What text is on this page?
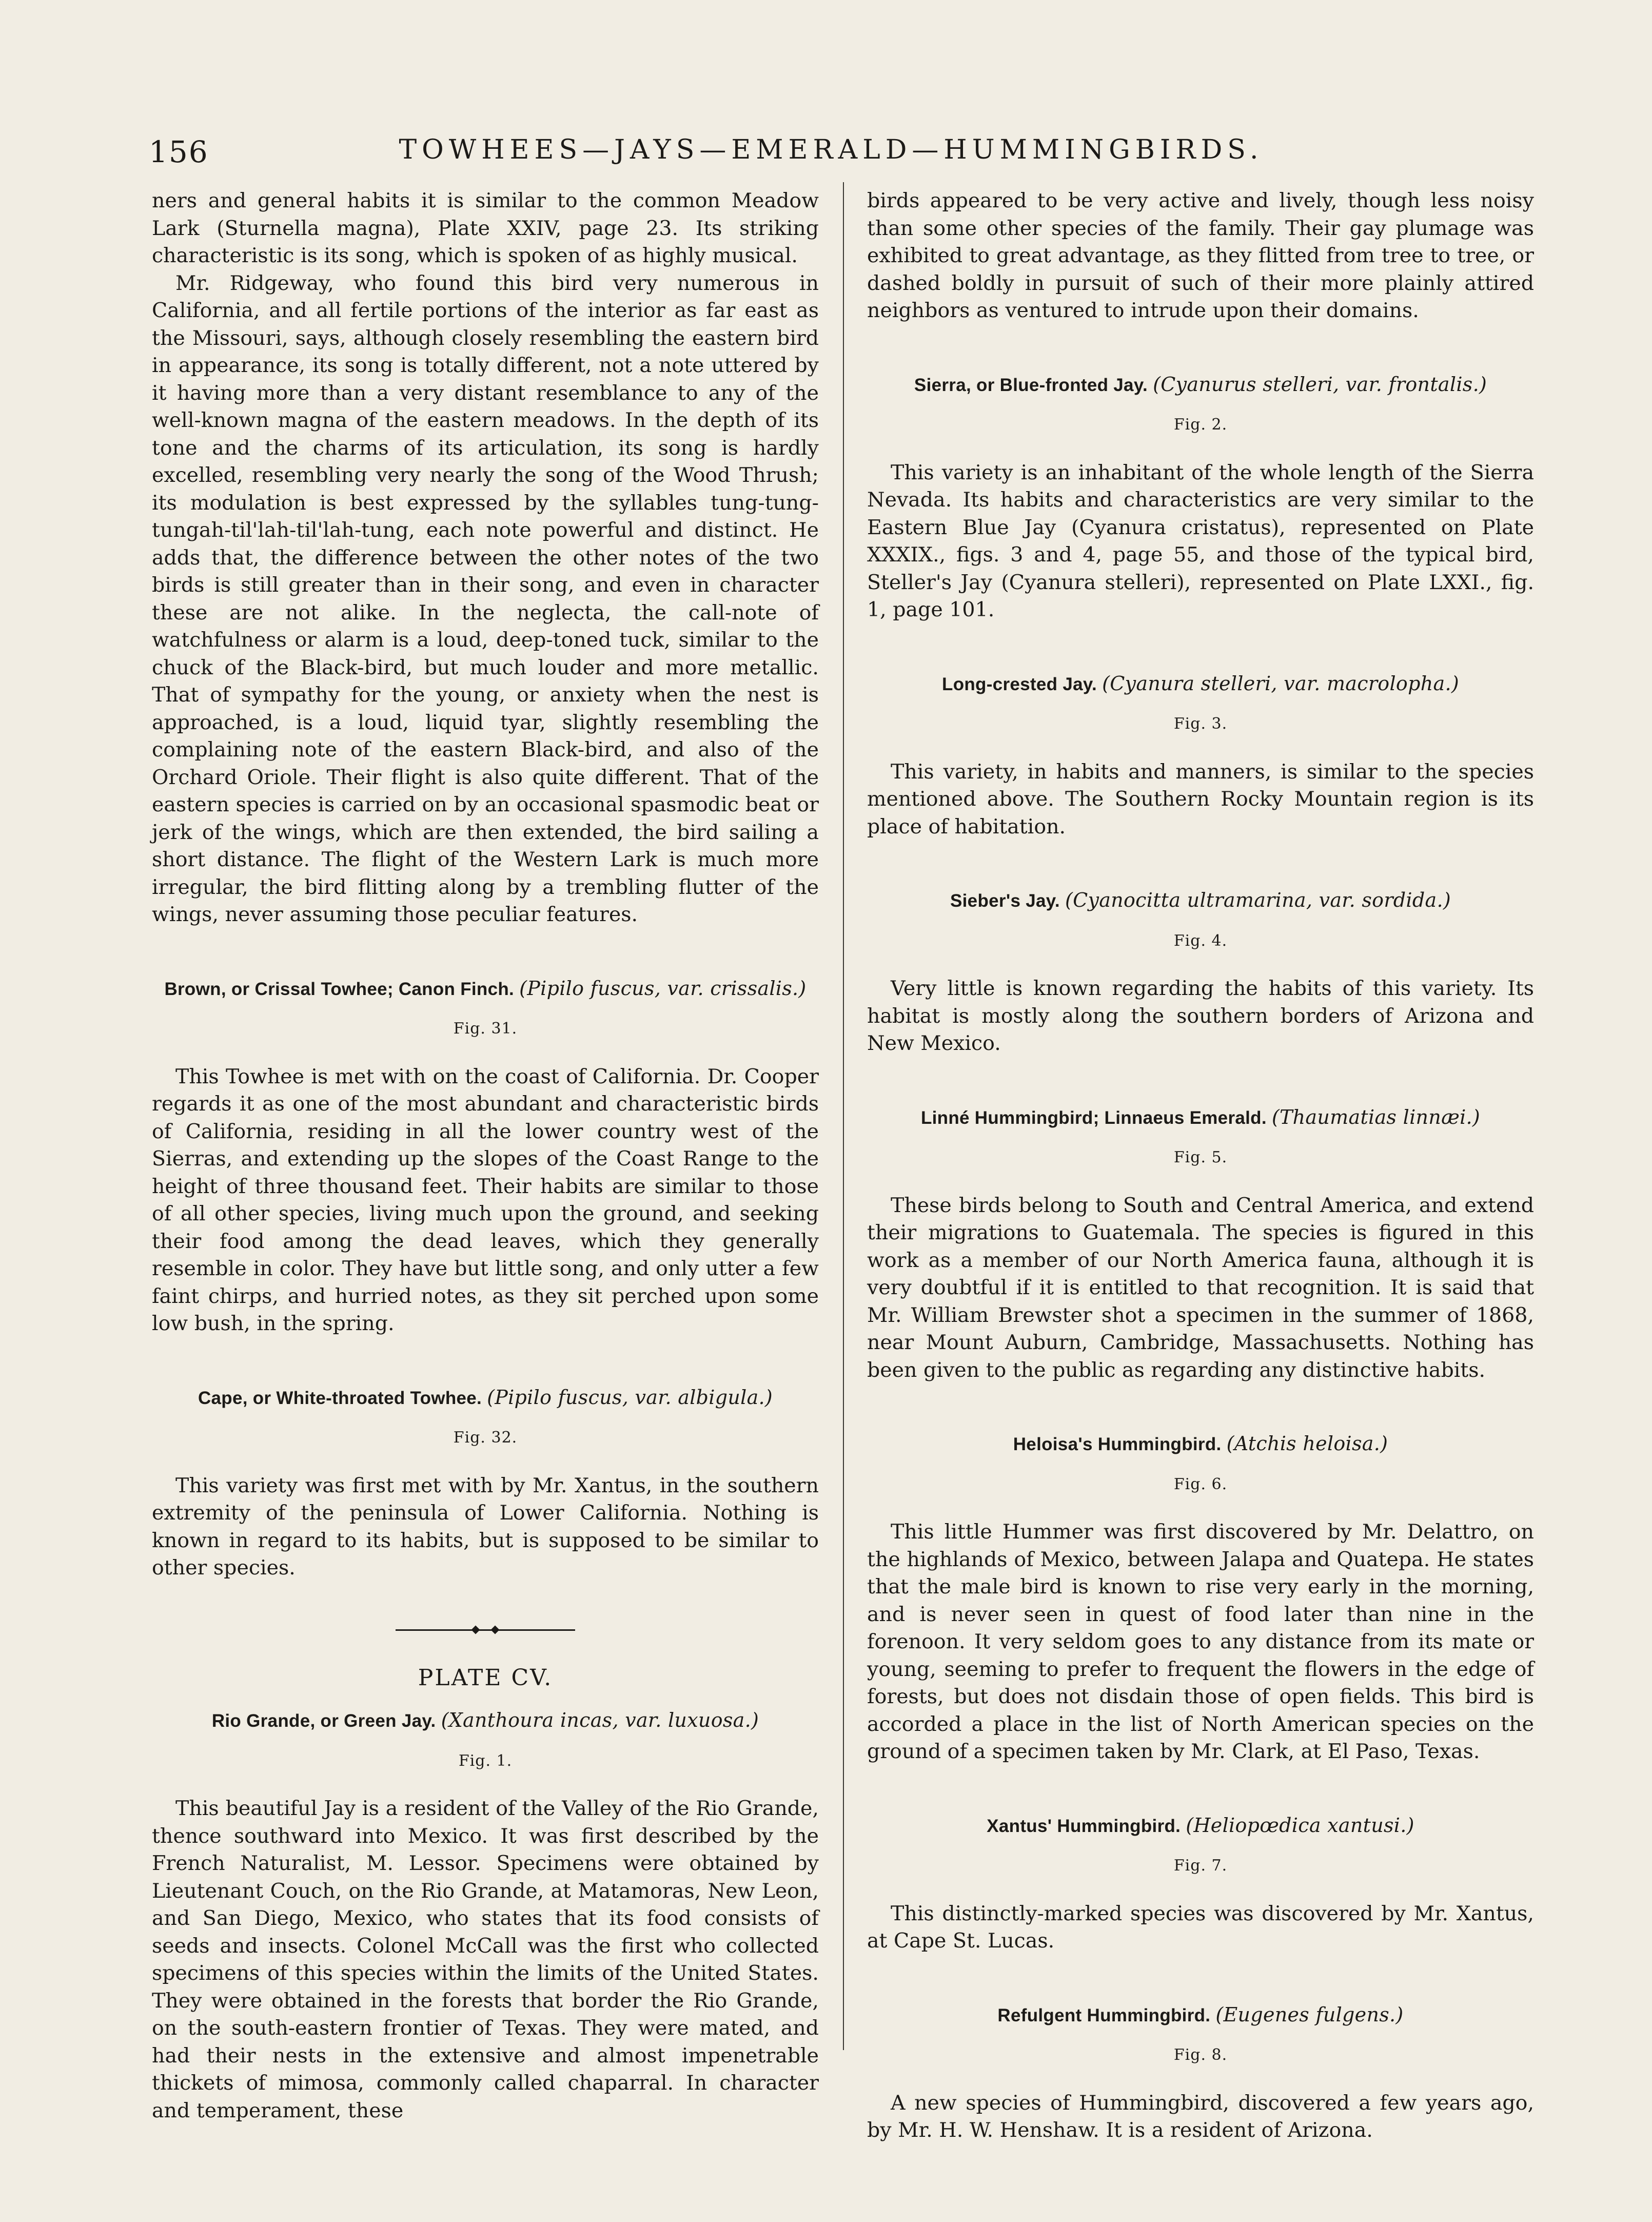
156	TOWHEES—JAYS—EMERALD—HUMMINGBIRDS.

ners and general habits it is similar to the common Meadow Lark (Sturnella magna), Plate XXIV, page 23. Its striking characteristic is its song, which is spoken of as highly musical.

Mr. Ridgeway, who found this bird very numerous in California, and all fertile portions of the interior as far east as the Missouri, says, although closely resembling the eastern bird in appearance, its song is totally different, not a note uttered by it having more than a very distant resemblance to any of the well-known magna of the eastern meadows. In the depth of its tone and the charms of its articulation, its song is hardly excelled, resembling very nearly the song of the Wood Thrush; its modulation is best expressed by the syllables tung-tung-tungah-til'lah-til'lah-tung, each note powerful and distinct. He adds that, the difference between the other notes of the two birds is still greater than in their song, and even in character these are not alike. In the neglecta, the call-note of watchfulness or alarm is a loud, deep-toned tuck, similar to the chuck of the Black-bird, but much louder and more metallic. That of sympathy for the young, or anxiety when the nest is approached, is a loud, liquid tyar, slightly resembling the complaining note of the eastern Black-bird, and also of the Orchard Oriole. Their flight is also quite different. That of the eastern species is carried on by an occasional spasmodic beat or jerk of the wings, which are then extended, the bird sailing a short distance. The flight of the Western Lark is much more irregular, the bird flitting along by a trembling flutter of the wings, never assuming those peculiar features.

Brown, or Crissal Towhee; Canon Finch. (Pipilo fuscus, var. crissalis.)
Fig. 31.

This Towhee is met with on the coast of California. Dr. Cooper regards it as one of the most abundant and characteristic birds of California, residing in all the lower country west of the Sierras, and extending up the slopes of the Coast Range to the height of three thousand feet. Their habits are similar to those of all other species, living much upon the ground, and seeking their food among the dead leaves, which they generally resemble in color. They have but little song, and only utter a few faint chirps, and hurried notes, as they sit perched upon some low bush, in the spring.

Cape, or White-throated Towhee. (Pipilo fuscus, var. albigula.)
Fig. 32.

This variety was first met with by Mr. Xantus, in the southern extremity of the peninsula of Lower California. Nothing is known in regard to its habits, but is supposed to be similar to other species.

PLATE CV.
Rio Grande, or Green Jay. (Xanthoura incas, var. luxuosa.)
Fig. 1.

This beautiful Jay is a resident of the Valley of the Rio Grande, thence southward into Mexico. It was first described by the French Naturalist, M. Lessor. Specimens were obtained by Lieutenant Couch, on the Rio Grande, at Matamoras, New Leon, and San Diego, Mexico, who states that its food consists of seeds and insects. Colonel McCall was the first who collected specimens of this species within the limits of the United States. They were obtained in the forests that border the Rio Grande, on the south-eastern frontier of Texas. They were mated, and had their nests in the extensive and almost impenetrable thickets of mimosa, commonly called chaparral. In character and temperament, these

birds appeared to be very active and lively, though less noisy than some other species of the family. Their gay plumage was exhibited to great advantage, as they flitted from tree to tree, or dashed boldly in pursuit of such of their more plainly attired neighbors as ventured to intrude upon their domains.

Sierra, or Blue-fronted Jay. (Cyanurus stelleri, var. frontalis.)
Fig. 2.

This variety is an inhabitant of the whole length of the Sierra Nevada. Its habits and characteristics are very similar to the Eastern Blue Jay (Cyanura cristatus), represented on Plate XXXIX., figs. 3 and 4, page 55, and those of the typical bird, Steller's Jay (Cyanura stelleri), represented on Plate LXXI., fig. 1, page 101.

Long-crested Jay. (Cyanura stelleri, var. macrolopha.)
Fig. 3.

This variety, in habits and manners, is similar to the species mentioned above. The Southern Rocky Mountain region is its place of habitation.

Sieber's Jay. (Cyanocitta ultramarina, var. sordida.)
Fig. 4.

Very little is known regarding the habits of this variety. Its habitat is mostly along the southern borders of Arizona and New Mexico.

Linné Hummingbird; Linnaeus Emerald. (Thaumatias linnæi.)
Fig. 5.

These birds belong to South and Central America, and extend their migrations to Guatemala. The species is figured in this work as a member of our North America fauna, although it is very doubtful if it is entitled to that recognition. It is said that Mr. William Brewster shot a specimen in the summer of 1868, near Mount Auburn, Cambridge, Massachusetts. Nothing has been given to the public as regarding any distinctive habits.

Heloisa's Hummingbird. (Atchis heloisa.)
Fig. 6.

This little Hummer was first discovered by Mr. Delattro, on the highlands of Mexico, between Jalapa and Quatepa. He states that the male bird is known to rise very early in the morning, and is never seen in quest of food later than nine in the forenoon. It very seldom goes to any distance from its mate or young, seeming to prefer to frequent the flowers in the edge of forests, but does not disdain those of open fields. This bird is accorded a place in the list of North American species on the ground of a specimen taken by Mr. Clark, at El Paso, Texas.

Xantus' Hummingbird. (Heliopœdica xantusi.)
Fig. 7.

This distinctly-marked species was discovered by Mr. Xantus, at Cape St. Lucas.

Refulgent Hummingbird. (Eugenes fulgens.)
Fig. 8.

A new species of Hummingbird, discovered a few years ago, by Mr. H. W. Henshaw. It is a resident of Arizona.
